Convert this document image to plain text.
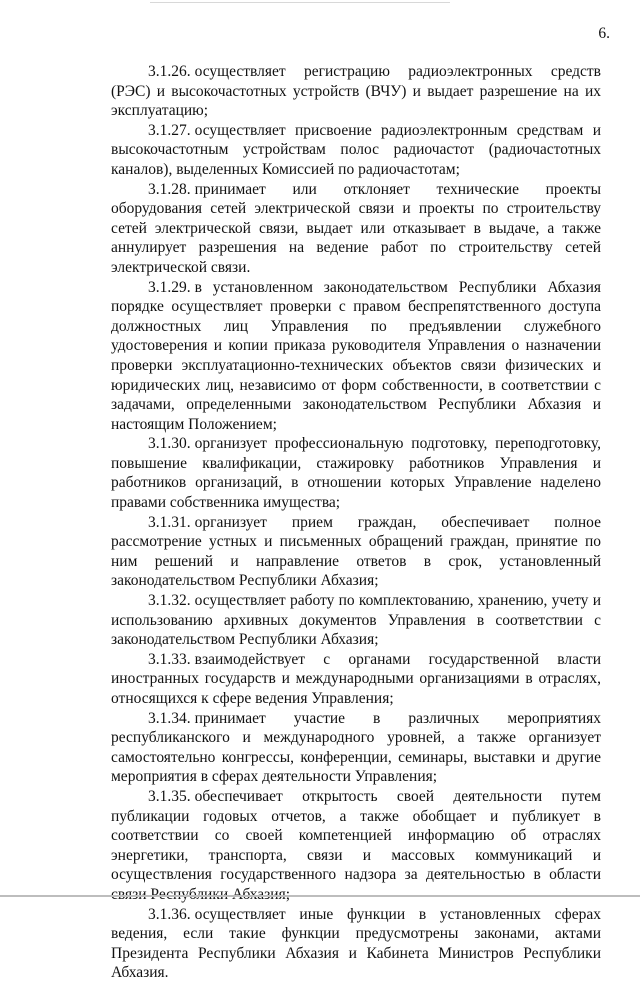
6.

3.1.26. осуществляет регистрацию радиоэлектронных средств (РЭС) и высокочастотных устройств (ВЧУ) и выдает разрешение на их эксплуатацию;

3.1.27. осуществляет присвоение радиоэлектронным средствам и высокочастотным устройствам полос радиочастот (радиочастотных каналов), выделенных Комиссией по радиочастотам;

3.1.28. принимает или отклоняет технические проекты оборудования сетей электрической связи и проекты по строительству сетей электрической связи, выдает или отказывает в выдаче, а также аннулирует разрешения на ведение работ по строительству сетей электрической связи.

3.1.29. в установленном законодательством Республики Абхазия порядке осуществляет проверки с правом беспрепятственного доступа должностных лиц Управления по предъявлении служебного удостоверения и копии приказа руководителя Управления о назначении проверки эксплуатационно-технических объектов связи физических и юридических лиц, независимо от форм собственности, в соответствии с задачами, определенными законодательством Республики Абхазия и настоящим Положением;

3.1.30. организует профессиональную подготовку, переподготовку, повышение квалификации, стажировку работников Управления и работников организаций, в отношении которых Управление наделено правами собственника имущества;

3.1.31. организует прием граждан, обеспечивает полное рассмотрение устных и письменных обращений граждан, принятие по ним решений и направление ответов в срок, установленный законодательством Республики Абхазия;

3.1.32. осуществляет работу по комплектованию, хранению, учету и использованию архивных документов Управления в соответствии с законодательством Республики Абхазия;

3.1.33. взаимодействует с органами государственной власти иностранных государств и международными организациями в отраслях, относящихся к сфере ведения Управления;

3.1.34. принимает участие в различных мероприятиях республиканского и международного уровней, а также организует самостоятельно конгрессы, конференции, семинары, выставки и другие мероприятия в сферах деятельности Управления;

3.1.35. обеспечивает открытость своей деятельности путем публикации годовых отчетов, а также обобщает и публикует в соответствии со своей компетенцией информацию об отраслях энергетики, транспорта, связи и массовых коммуникаций и осуществления государственного надзора за деятельностью в области

3.1.36. осуществляет иные функции в установленных сферах ведения, если такие функции предусмотрены законами, актами Президента Республики Абхазия и Кабинета Министров Республики Абхазия.
